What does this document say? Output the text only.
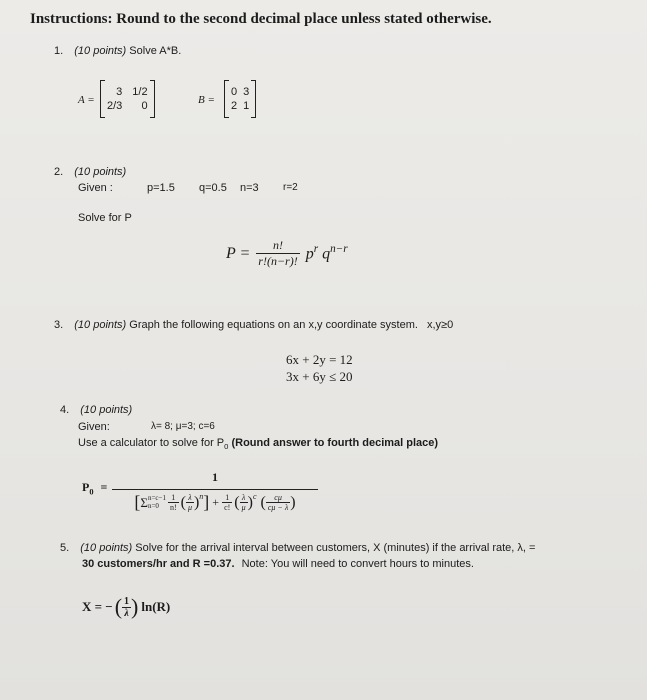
Instructions: Round to the second decimal place unless stated otherwise.
1. (10 points) Solve A*B.
A =
3 1/2
2/3	0	B =
0 3
2 1
2. (10 points)
Given :	p=1.5 q=0.5 n=3 r=2
Solve for P
$P = \frac{n!}{r!(n-r)!} p^r$ $q^{n-r}$
3. (10 points) Graph the following equations on an x,y coordinate system. x,y≥0
6x + 2y = 12
3x + 6y ≤ 20
4. (10 points)
Given:	λ= 8; μ=3; c=6
Use a calculator to solve for $P_0$ (Round answer to fourth decimal place)
$P_0$ =
1
[ Σ n=c−1
n=0	$\frac{1}{n!}$ ( $\frac{\lambda}{\mu} )^n$ ] + $\frac{1}{c!}$ ( $\frac{\lambda}{\mu} )^c$ ( $\frac{c\mu}{c\mu - \lambda}$ )
5. (10 points) Solve for the arrival interval between customers, X (minutes) if the arrival rate, λ, =
30 customers/hr and R =0.37. Note: You will need to convert hours to minutes.
X = − ( $\frac{1}{\lambda}$ ) ln(R)
